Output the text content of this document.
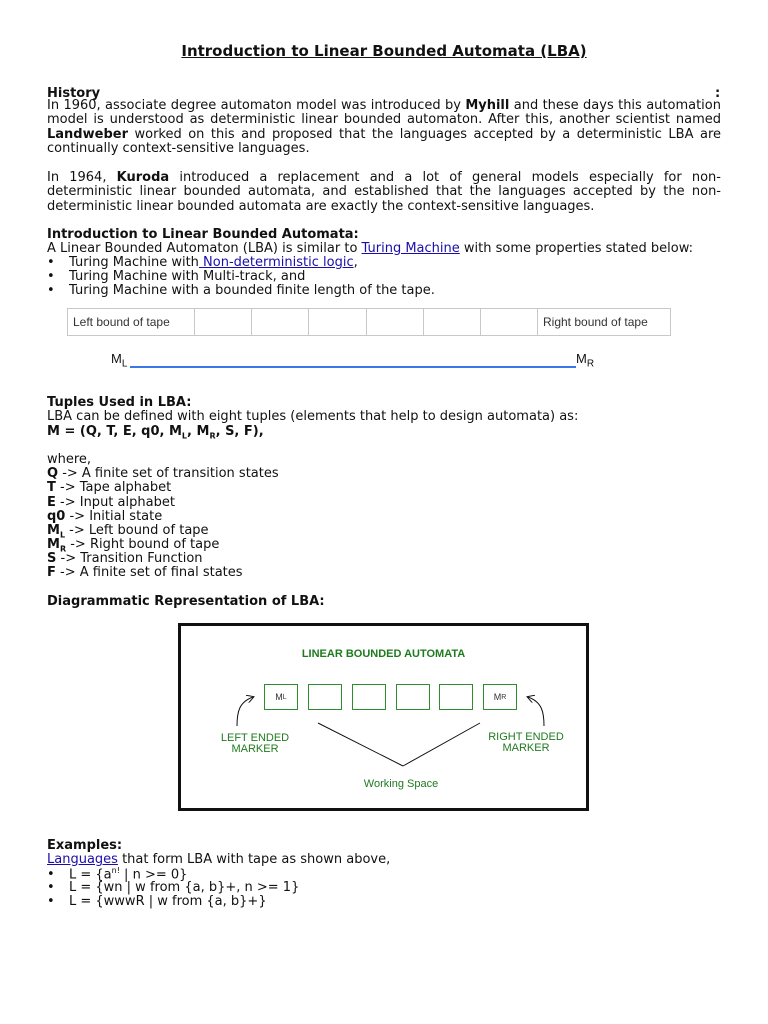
Introduction to Linear Bounded Automata (LBA)
History	:
In 1960, associate degree automaton model was introduced by Myhill and these days this automation model is understood as deterministic linear bounded automaton. After this, another scientist named Landweber worked on this and proposed that the languages accepted by a deterministic LBA are continually context-sensitive languages.
In 1964, Kuroda introduced a replacement and a lot of general models especially for non-deterministic linear bounded automata, and established that the languages accepted by the non-deterministic linear bounded automata are exactly the context-sensitive languages.
Introduction to Linear Bounded Automata:
A Linear Bounded Automaton (LBA) is similar to Turing Machine with some properties stated below:
• Turing Machine with Non-deterministic logic,
• Turing Machine with Multi-track, and
• Turing Machine with a bounded finite length of the tape.
Left bound of tape	Right bound of tape
$M_L$	$M_R$
Tuples Used in LBA:
LBA can be defined with eight tuples (elements that help to design automata) as:
M = (Q, T, E, q0, $M_L$, $M_R$, S, F),
where,
Q -> A finite set of transition states
T -> Tape alphabet
E -> Input alphabet
q0 -> Initial state
$M_L$ -> Left bound of tape
$M_R$ -> Right bound of tape
S -> Transition Function
F -> A finite set of final states
Diagrammatic Representation of LBA:
LINEAR BOUNDED AUTOMATA
M L	M R
LEFT ENDED
MARKER
RIGHT ENDED
MARKER
Working Space
Examples:
Languages that form LBA with tape as shown above,
• $L = \{a^{n!}$ | n >= 0}
• L = {wn | w from {a, b}+, n >= 1}
• L = {wwwR | w from {a, b}+}
